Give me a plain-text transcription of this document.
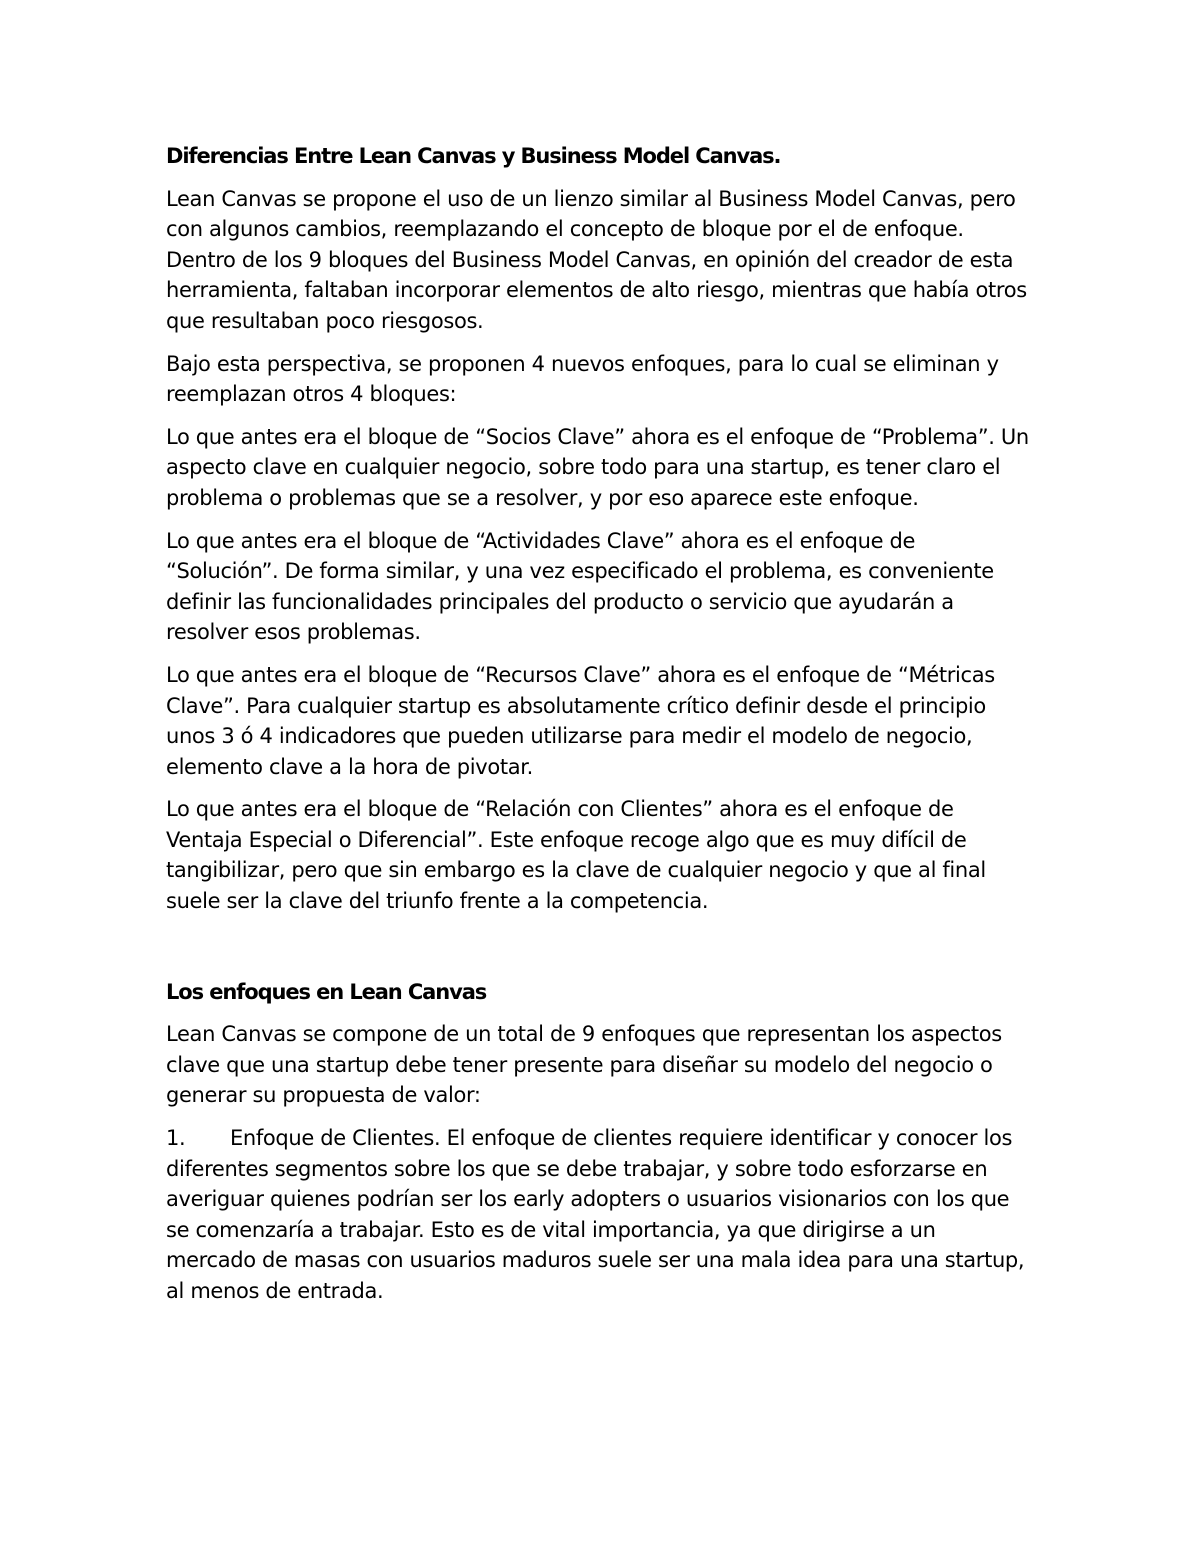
Diferencias Entre Lean Canvas y Business Model Canvas.
Lean Canvas se propone el uso de un lienzo similar al Business Model Canvas, pero con algunos cambios, reemplazando el concepto de bloque por el de enfoque. Dentro de los 9 bloques del Business Model Canvas, en opinión del creador de esta herramienta, faltaban incorporar elementos de alto riesgo, mientras que había otros que resultaban poco riesgosos.
Bajo esta perspectiva, se proponen 4 nuevos enfoques, para lo cual se eliminan y reemplazan otros 4 bloques:
Lo que antes era el bloque de “Socios Clave” ahora es el enfoque de “Problema”. Un aspecto clave en cualquier negocio, sobre todo para una startup, es tener claro el problema o problemas que se a resolver, y por eso aparece este enfoque.
Lo que antes era el bloque de “Actividades Clave” ahora es el enfoque de “Solución”. De forma similar, y una vez especificado el problema, es conveniente definir las funcionalidades principales del producto o servicio que ayudarán a resolver esos problemas.
Lo que antes era el bloque de “Recursos Clave” ahora es el enfoque de “Métricas Clave”. Para cualquier startup es absolutamente crítico definir desde el principio unos 3 ó 4 indicadores que pueden utilizarse para medir el modelo de negocio, elemento clave a la hora de pivotar.
Lo que antes era el bloque de “Relación con Clientes” ahora es el enfoque de Ventaja Especial o Diferencial”. Este enfoque recoge algo que es muy difícil de tangibilizar, pero que sin embargo es la clave de cualquier negocio y que al final suele ser la clave del triunfo frente a la competencia.
Los enfoques en Lean Canvas
Lean Canvas se compone de un total de 9 enfoques que representan los aspectos clave que una startup debe tener presente para diseñar su modelo del negocio o generar su propuesta de valor:
1. Enfoque de Clientes. El enfoque de clientes requiere identificar y conocer los diferentes segmentos sobre los que se debe trabajar, y sobre todo esforzarse en averiguar quienes podrían ser los early adopters o usuarios visionarios con los que se comenzaría a trabajar. Esto es de vital importancia, ya que dirigirse a un mercado de masas con usuarios maduros suele ser una mala idea para una startup, al menos de entrada.
